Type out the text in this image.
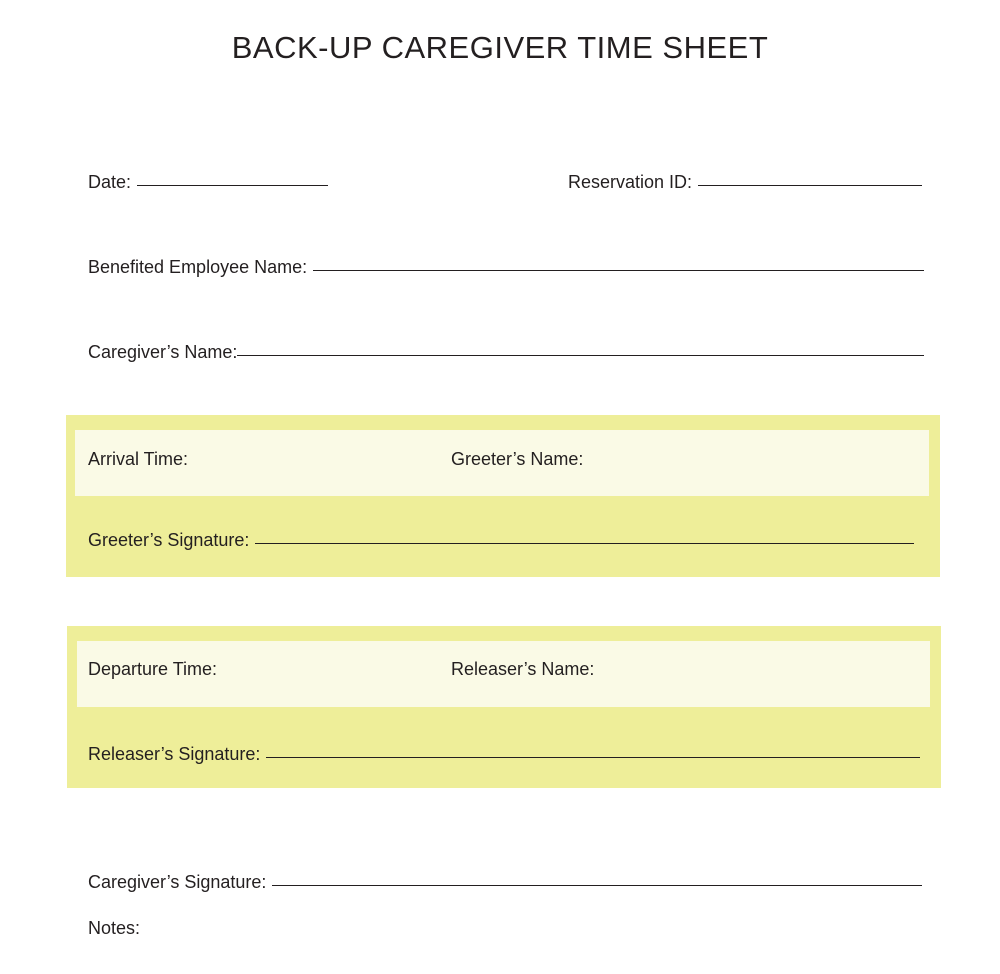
BACK-UP CAREGIVER TIME SHEET
Date:	Reservation ID:
Benefited Employee Name:
Caregiver’s Name:
Arrival Time:	Greeter’s Name:
Greeter’s Signature:
Departure Time:	Releaser’s Name:
Releaser’s Signature:
Caregiver’s Signature:
Notes:
